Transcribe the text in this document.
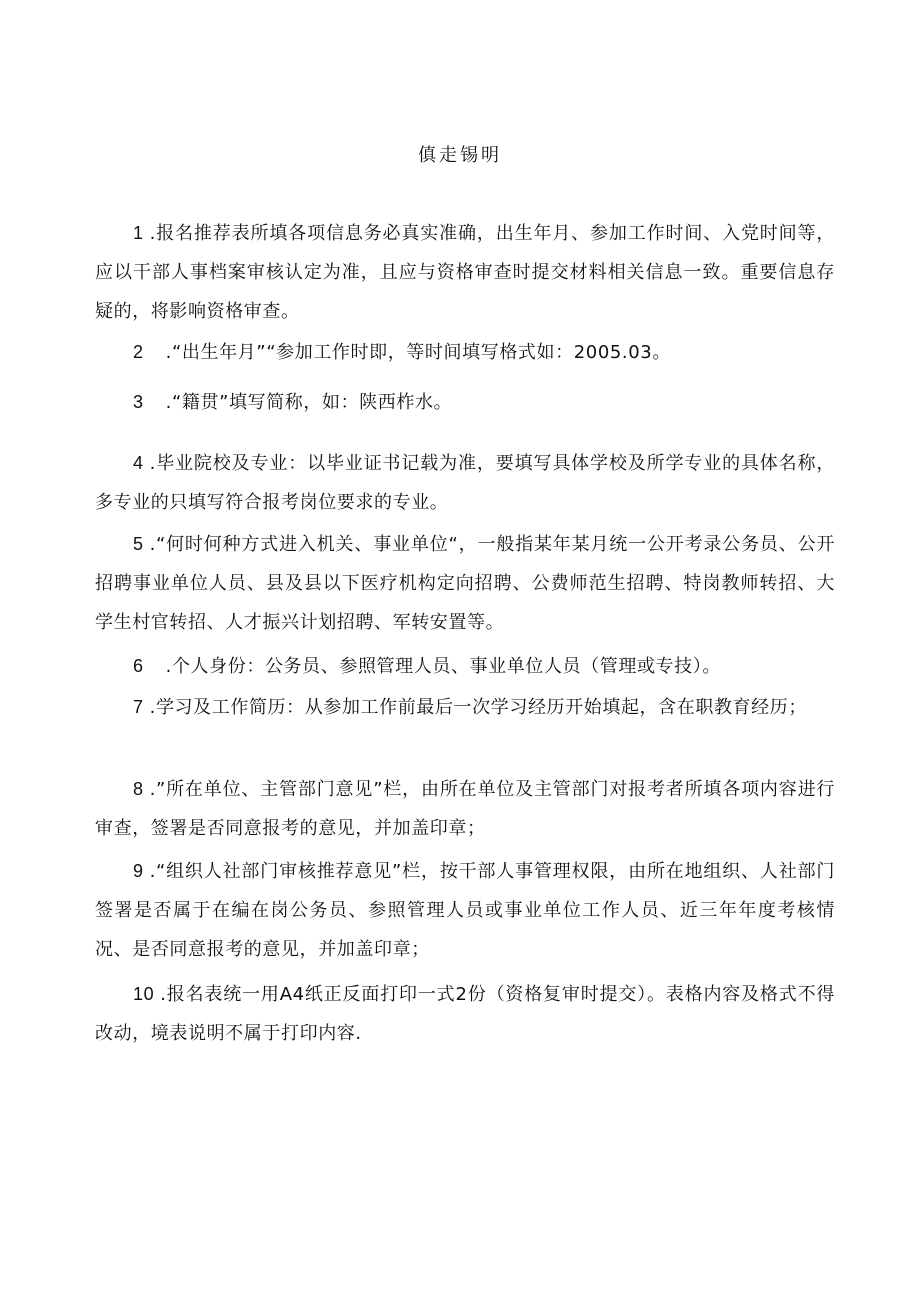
傎走锡明

1 .报名推荐表所填各项信息务必真实准确，出生年月、参加工作时间、入党时间等，应以干部人事档案审核认定为准，且应与资格审查时提交材料相关信息一致。重要信息存疑的，将影响资格审查。

2 .“出生年月”“参加工作时即，等时间填写格式如：2005.03。

3 .“籍贯”填写简称，如：陕西柞水。

4 .毕业院校及专业：以毕业证书记载为准，要填写具体学校及所学专业的具体名称，多专业的只填写符合报考岗位要求的专业。

5 .“何时何种方式进入机关、事业单位“，一般指某年某月统一公开考录公务员、公开招聘事业单位人员、县及县以下医疗机构定向招聘、公费师范生招聘、特岗教师转招、大学生村官转招、人才振兴计划招聘、军转安置等。

6 .个人身份：公务员、参照管理人员、事业单位人员（管理或专技）。

7 .学习及工作简历：从参加工作前最后一次学习经历开始填起，含在职教育经历；

8 .”所在单位、主管部门意见”栏，由所在单位及主管部门对报考者所填各项内容进行审查，签署是否同意报考的意见，并加盖印章；

9 .“组织人社部门审核推荐意见”栏，按干部人事管理权限，由所在地组织、人社部门签署是否属于在编在岗公务员、参照管理人员或事业单位工作人员、近三年年度考核情况、是否同意报考的意见，并加盖印章；

10 .报名表统一用A4纸正反面打印一式2份（资格复审时提交）。表格内容及格式不得改动，境表说明不属于打印内容.
